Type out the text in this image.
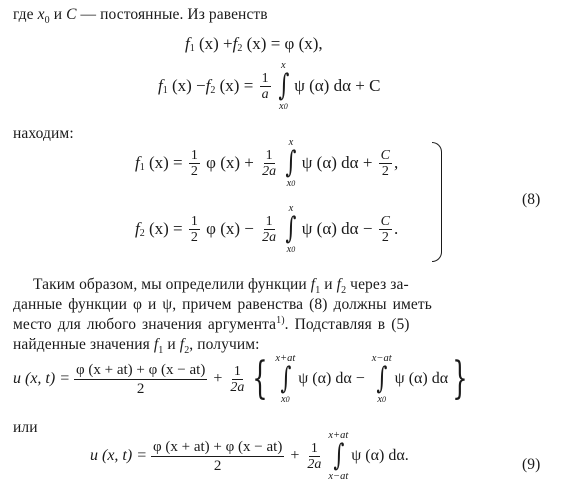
где $x_0$ и C — постоянные. Из равенств
f 1 (x) + f 2 (x) = φ (x),
f 1 (x) − f 2 $(x) = \frac{1}{a}$
x
∫
x0
ψ (α) dα
+ C
находим:
f 1 $(x) = \frac{1}{2}$ φ $(x) + \frac{1}{2a}$
x
∫
x0
ψ (α) $d\alpha + \frac{C}{2}$ ,
f 2 $(x) = \frac{1}{2}$ φ $(x) - \frac{1}{2a}$
x
∫
x0
ψ (α) $d\alpha - \frac{C}{2}$ .
(8)
Таким образом, мы определили функции $f_1$ и $f_2$ через за-
данные функции φ и ψ, причем равенства (8) должны иметь
место для любого значения аргумента$^{1)}$. Подставляя в (5)
найденные значения $f_1$ и $f_2$, получим:
u (x, $t) = \frac{\varphi (x + at) + \varphi (x - at)}{2} + \frac{1}{2a}$ { x+at
∫
x0
ψ (α) dα −
x−at
∫
x0
ψ (α) dα }
или
u (x, $t) = \frac{\varphi (x + at) + \varphi (x - at)}{2} + \frac{1}{2a}$
x+at
∫
x−at
ψ (α) dα.
(9)
